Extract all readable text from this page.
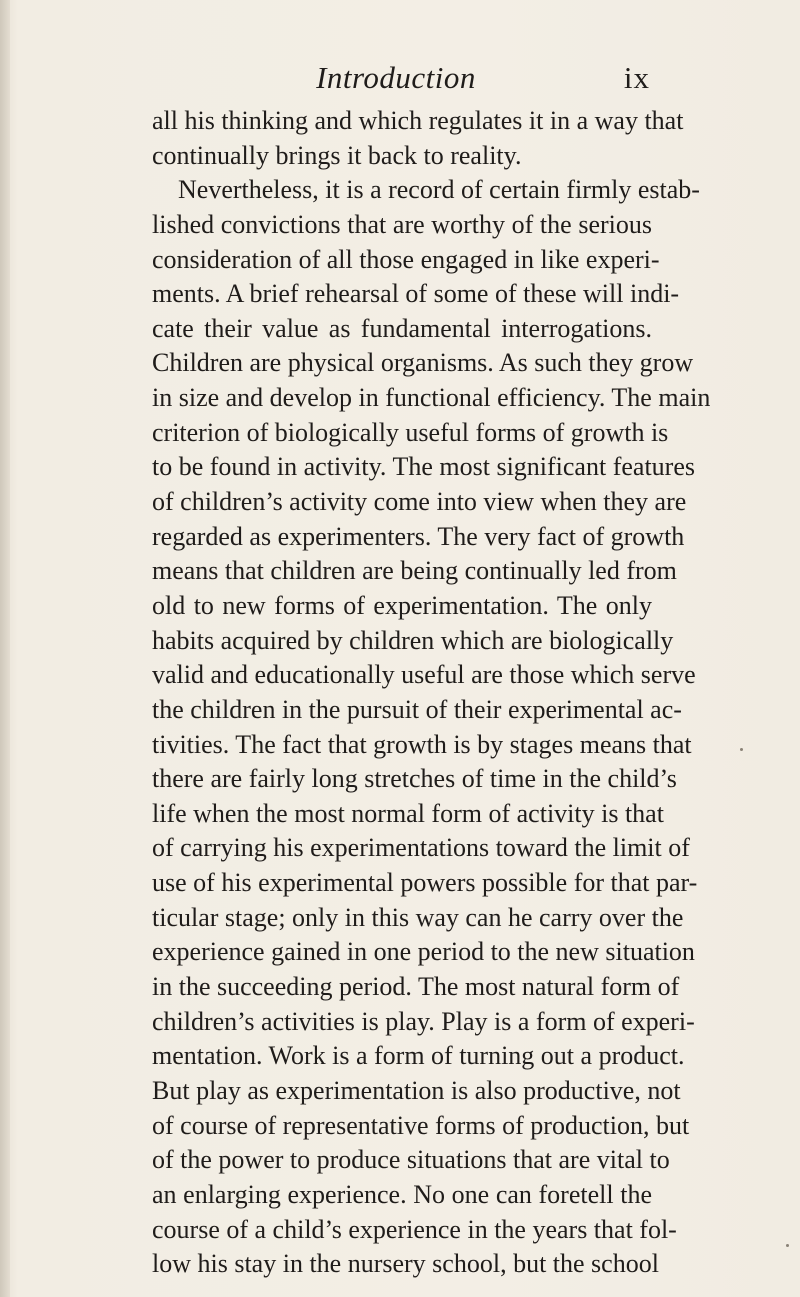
Introduction	ix
all his thinking and which regulates it in a way that
continually brings it back to reality.
Nevertheless, it is a record of certain firmly estab-
lished convictions that are worthy of the serious
consideration of all those engaged in like experi-
ments. A brief rehearsal of some of these will indi-
cate their value as fundamental interrogations.
Children are physical organisms. As such they grow
in size and develop in functional efficiency. The main
criterion of biologically useful forms of growth is
to be found in activity. The most significant features
of children’s activity come into view when they are
regarded as experimenters. The very fact of growth
means that children are being continually led from
old to new forms of experimentation. The only
habits acquired by children which are biologically
valid and educationally useful are those which serve
the children in the pursuit of their experimental ac-
tivities. The fact that growth is by stages means that
there are fairly long stretches of time in the child’s
life when the most normal form of activity is that
of carrying his experimentations toward the limit of
use of his experimental powers possible for that par-
ticular stage; only in this way can he carry over the
experience gained in one period to the new situation
in the succeeding period. The most natural form of
children’s activities is play. Play is a form of experi-
mentation. Work is a form of turning out a product.
But play as experimentation is also productive, not
of course of representative forms of production, but
of the power to produce situations that are vital to
an enlarging experience. No one can foretell the
course of a child’s experience in the years that fol-
low his stay in the nursery school, but the school
